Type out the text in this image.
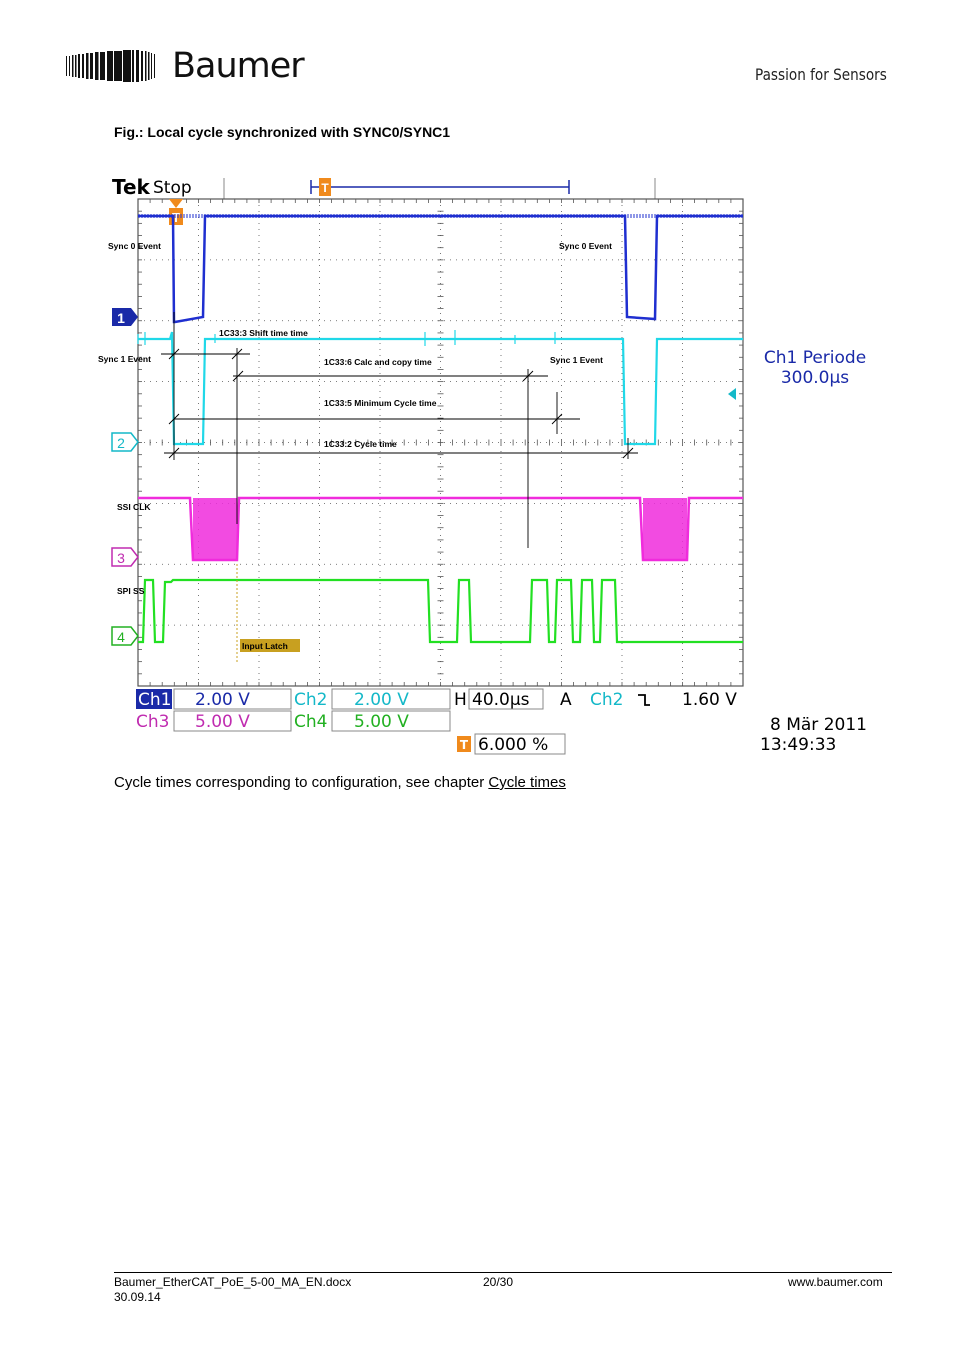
Baumer	Passion for Sensors
Fig.: Local cycle synchronized with SYNC0/SYNC1
Tek Stop	T
T
1
2
3
4
Sync 0 Event	Sync 0 Event
Sync 1 Event	Sync 1 Event
SSI CLK
SPI SS
1C33:3 Shift time time
1C33:6 Calc and copy time
1C33:5 Minimum Cycle time
1C33:2 Cycle time
Input Latch
Ch1 Periode
300.0µs
Ch1 2.00 V	Ch2 2.00 V	H 40.0µs A Ch2	1.60 V
Ch3 5.00 V	Ch4 5.00 V
T 6.000 %
8 Mär 2011
13:49:33
Cycle times corresponding to configuration, see chapter Cycle times
Baumer_EtherCAT_PoE_5-00_MA_EN.docx
30.09.14
20/30	www.baumer.com
